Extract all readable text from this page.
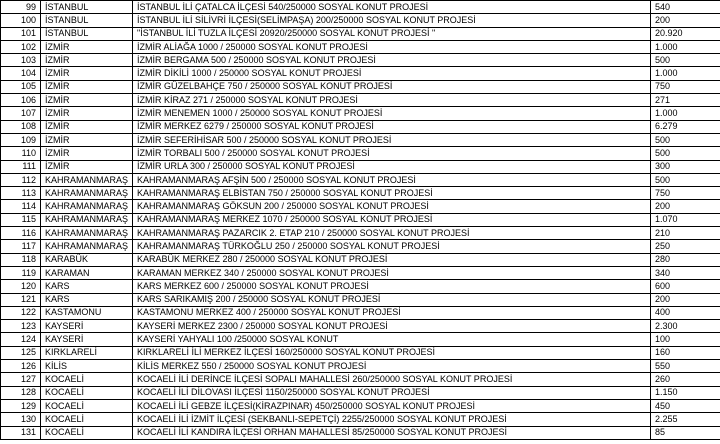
99	İSTANBUL	İSTANBUL İLİ ÇATALCA İLÇESİ 540/250000 SOSYAL KONUT PROJESİ	540
100	İSTANBUL	İSTANBUL İLİ SİLİVRİ İLÇESİ(SELİMPAŞA) 200/250000 SOSYAL KONUT PROJESİ	200
101	İSTANBUL	"İSTANBUL İLİ TUZLA İLÇESİ 20920/250000 SOSYAL KONUT PROJESİ "	20.920
102	İZMİR	İZMİR ALİAĞA 1000 / 250000 SOSYAL KONUT PROJESİ	1.000
103	İZMİR	İZMİR BERGAMA 500 / 250000 SOSYAL KONUT PROJESİ	500
104	İZMİR	İZMİR DİKİLİ 1000 / 250000 SOSYAL KONUT PROJESİ	1.000
105	İZMİR	İZMİR GÜZELBAHÇE 750 / 250000 SOSYAL KONUT PROJESİ	750
106	İZMİR	İZMİR KİRAZ 271 / 250000 SOSYAL KONUT PROJESİ	271
107	İZMİR	İZMİR MENEMEN 1000 / 250000 SOSYAL KONUT PROJESİ	1.000
108	İZMİR	İZMİR MERKEZ 6279 / 250000 SOSYAL KONUT PROJESİ	6.279
109	İZMİR	İZMİR SEFERİHİSAR 500 / 250000 SOSYAL KONUT PROJESİ	500
110	İZMİR	İZMİR TORBALI 500 / 250000 SOSYAL KONUT PROJESİ	500
111	İZMİR	İZMİR URLA 300 / 250000 SOSYAL KONUT PROJESİ	300
112	KAHRAMANMARAŞ	KAHRAMANMARAŞ AFŞİN 500 / 250000 SOSYAL KONUT PROJESİ	500
113	KAHRAMANMARAŞ	KAHRAMANMARAŞ ELBİSTAN 750 / 250000 SOSYAL KONUT PROJESİ	750
114	KAHRAMANMARAŞ	KAHRAMANMARAŞ GÖKSUN 200 / 250000 SOSYAL KONUT PROJESİ	200
115	KAHRAMANMARAŞ	KAHRAMANMARAŞ MERKEZ 1070 / 250000 SOSYAL KONUT PROJESİ	1.070
116	KAHRAMANMARAŞ	KAHRAMANMARAŞ PAZARCIK 2. ETAP 210 / 250000 SOSYAL KONUT PROJESİ	210
117	KAHRAMANMARAŞ	KAHRAMANMARAŞ TÜRKOĞLU 250 / 250000 SOSYAL KONUT PROJESİ	250
118	KARABÜK	KARABÜK MERKEZ 280 / 250000 SOSYAL KONUT PROJESİ	280
119	KARAMAN	KARAMAN MERKEZ 340 / 250000 SOSYAL KONUT PROJESİ	340
120	KARS	KARS MERKEZ 600 / 250000 SOSYAL KONUT PROJESİ	600
121	KARS	KARS SARIKAMIŞ 200 / 250000 SOSYAL KONUT PROJESİ	200
122	KASTAMONU	KASTAMONU MERKEZ 400 / 250000 SOSYAL KONUT PROJESİ	400
123	KAYSERİ	KAYSERİ MERKEZ 2300 / 250000 SOSYAL KONUT PROJESİ	2.300
124	KAYSERİ	KAYSERİ YAHYALI 100 /250000 SOSYAL KONUT	100
125	KIRKLARELİ	KIRKLARELİ İLİ MERKEZ İLÇESİ 160/250000 SOSYAL KONUT PROJESİ	160
126	KİLİS	KİLİS MERKEZ 550 / 250000 SOSYAL KONUT PROJESİ	550
127	KOCAELİ	KOCAELİ İLİ DERİNCE İLÇESİ SOPALI MAHALLESİ 260/250000 SOSYAL KONUT PROJESİ	260
128	KOCAELİ	KOCAELİ İLİ DİLOVASI İLÇESİ 1150/250000 SOSYAL KONUT PROJESİ	1.150
129	KOCAELİ	KOCAELİ İLİ GEBZE İLÇESİ(KİRAZPINAR) 450/250000 SOSYAL KONUT PROJESİ	450
130	KOCAELİ	KOCAELİ İLİ İZMİT İLÇESİ (SEKBANLI-SEPETÇİ) 2255/250000 SOSYAL KONUT PROJESİ	2.255
131	KOCAELİ	KOCAELİ İLİ KANDIRA İLÇESİ ORHAN MAHALLESİ 85/250000 SOSYAL KONUT PROJESİ	85
